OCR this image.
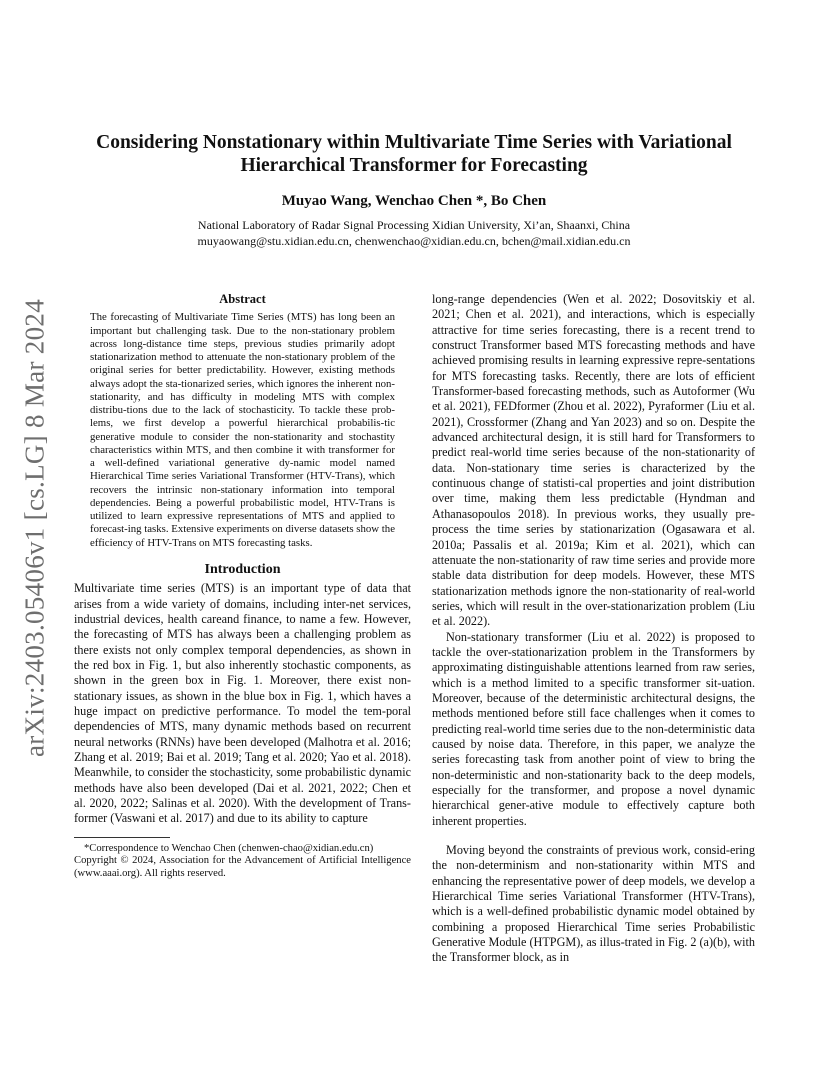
arXiv:2403.05406v1 [cs.LG] 8 Mar 2024
Considering Nonstationary within Multivariate Time Series with Variational
Hierarchical Transformer for Forecasting

Muyao Wang, Wenchao Chen *, Bo Chen

National Laboratory of Radar Signal Processing Xidian University, Xi’an, Shaanxi, China
muyaowang@stu.xidian.edu.cn, chenwenchao@xidian.edu.cn, bchen@mail.xidian.edu.cn
Abstract

The forecasting of Multivariate Time Series (MTS) has long been an important but challenging task. Due to the non-stationary problem across long-distance time steps, previous studies primarily adopt stationarization method to attenuate the non-stationary problem of the original series for better predictability. However, existing methods always adopt the sta-tionarized series, which ignores the inherent non-stationarity, and has difficulty in modeling MTS with complex distribu-tions due to the lack of stochasticity. To tackle these prob-lems, we first develop a powerful hierarchical probabilis-tic generative module to consider the non-stationarity and stochastity characteristics within MTS, and then combine it with transformer for a well-defined variational generative dy-namic model named Hierarchical Time series Variational Transformer (HTV-Trans), which recovers the intrinsic non-stationary information into temporal dependencies. Being a powerful probabilistic model, HTV-Trans is utilized to learn expressive representations of MTS and applied to forecast-ing tasks. Extensive experiments on diverse datasets show the efficiency of HTV-Trans on MTS forecasting tasks.

Introduction

Multivariate time series (MTS) is an important type of data that arises from a wide variety of domains, including inter-net services, industrial devices, health careand finance, to name a few. However, the forecasting of MTS has always been a challenging problem as there exists not only complex temporal dependencies, as shown in the red box in Fig. 1, but also inherently stochastic components, as shown in the green box in Fig. 1. Moreover, there exist non-stationary issues, as shown in the blue box in Fig. 1, which haves a huge impact on predictive performance. To model the tem-poral dependencies of MTS, many dynamic methods based on recurrent neural networks (RNNs) have been developed (Malhotra et al. 2016; Zhang et al. 2019; Bai et al. 2019; Tang et al. 2020; Yao et al. 2018). Meanwhile, to consider the stochasticity, some probabilistic dynamic methods have also been developed (Dai et al. 2021, 2022; Chen et al. 2020, 2022; Salinas et al. 2020). With the development of Trans-former (Vaswani et al. 2017) and due to its ability to capture

*Correspondence to Wenchao Chen (chenwen-chao@xidian.edu.cn)

Copyright © 2024, Association for the Advancement of Artificial Intelligence (www.aaai.org). All rights reserved.

long-range dependencies (Wen et al. 2022; Dosovitskiy et al. 2021; Chen et al. 2021), and interactions, which is especially attractive for time series forecasting, there is a recent trend to construct Transformer based MTS forecasting methods and have achieved promising results in learning expressive repre-sentations for MTS forecasting tasks. Recently, there are lots of efficient Transformer-based forecasting methods, such as Autoformer (Wu et al. 2021), FEDformer (Zhou et al. 2022), Pyraformer (Liu et al. 2021), Crossformer (Zhang and Yan 2023) and so on. Despite the advanced architectural design, it is still hard for Transformers to predict real-world time series because of the non-stationarity of data. Non-stationary time series is characterized by the continuous change of statisti-cal properties and joint distribution over time, making them less predictable (Hyndman and Athanasopoulos 2018). In previous works, they usually pre-process the time series by stationarization (Ogasawara et al. 2010a; Passalis et al. 2019a; Kim et al. 2021), which can attenuate the non-stationarity of raw time series and provide more stable data distribution for deep models. However, these MTS stationarization methods ignore the non-stationarity of real-world series, which will result in the over-stationarization problem (Liu et al. 2022).

Non-stationary transformer (Liu et al. 2022) is proposed to tackle the over-stationarization problem in the Transformers by approximating distinguishable attentions learned from raw series, which is a method limited to a specific transformer sit-uation. Moreover, because of the deterministic architectural designs, the methods mentioned before still face challenges when it comes to predicting real-world time series due to the non-deterministic data caused by noise data. Therefore, in this paper, we analyze the series forecasting task from another point of view to bring the non-deterministic and non-stationarity back to the deep models, especially for the transformer, and propose a novel dynamic hierarchical gener-ative module to effectively capture both inherent properties.

Moving beyond the constraints of previous work, consid-ering the non-determinism and non-stationarity within MTS and enhancing the representative power of deep models, we develop a Hierarchical Time series Variational Transformer (HTV-Trans), which is a well-defined probabilistic dynamic model obtained by combining a proposed Hierarchical Time series Probabilistic Generative Module (HTPGM), as illus-trated in Fig. 2 (a)(b), with the Transformer block, as in
